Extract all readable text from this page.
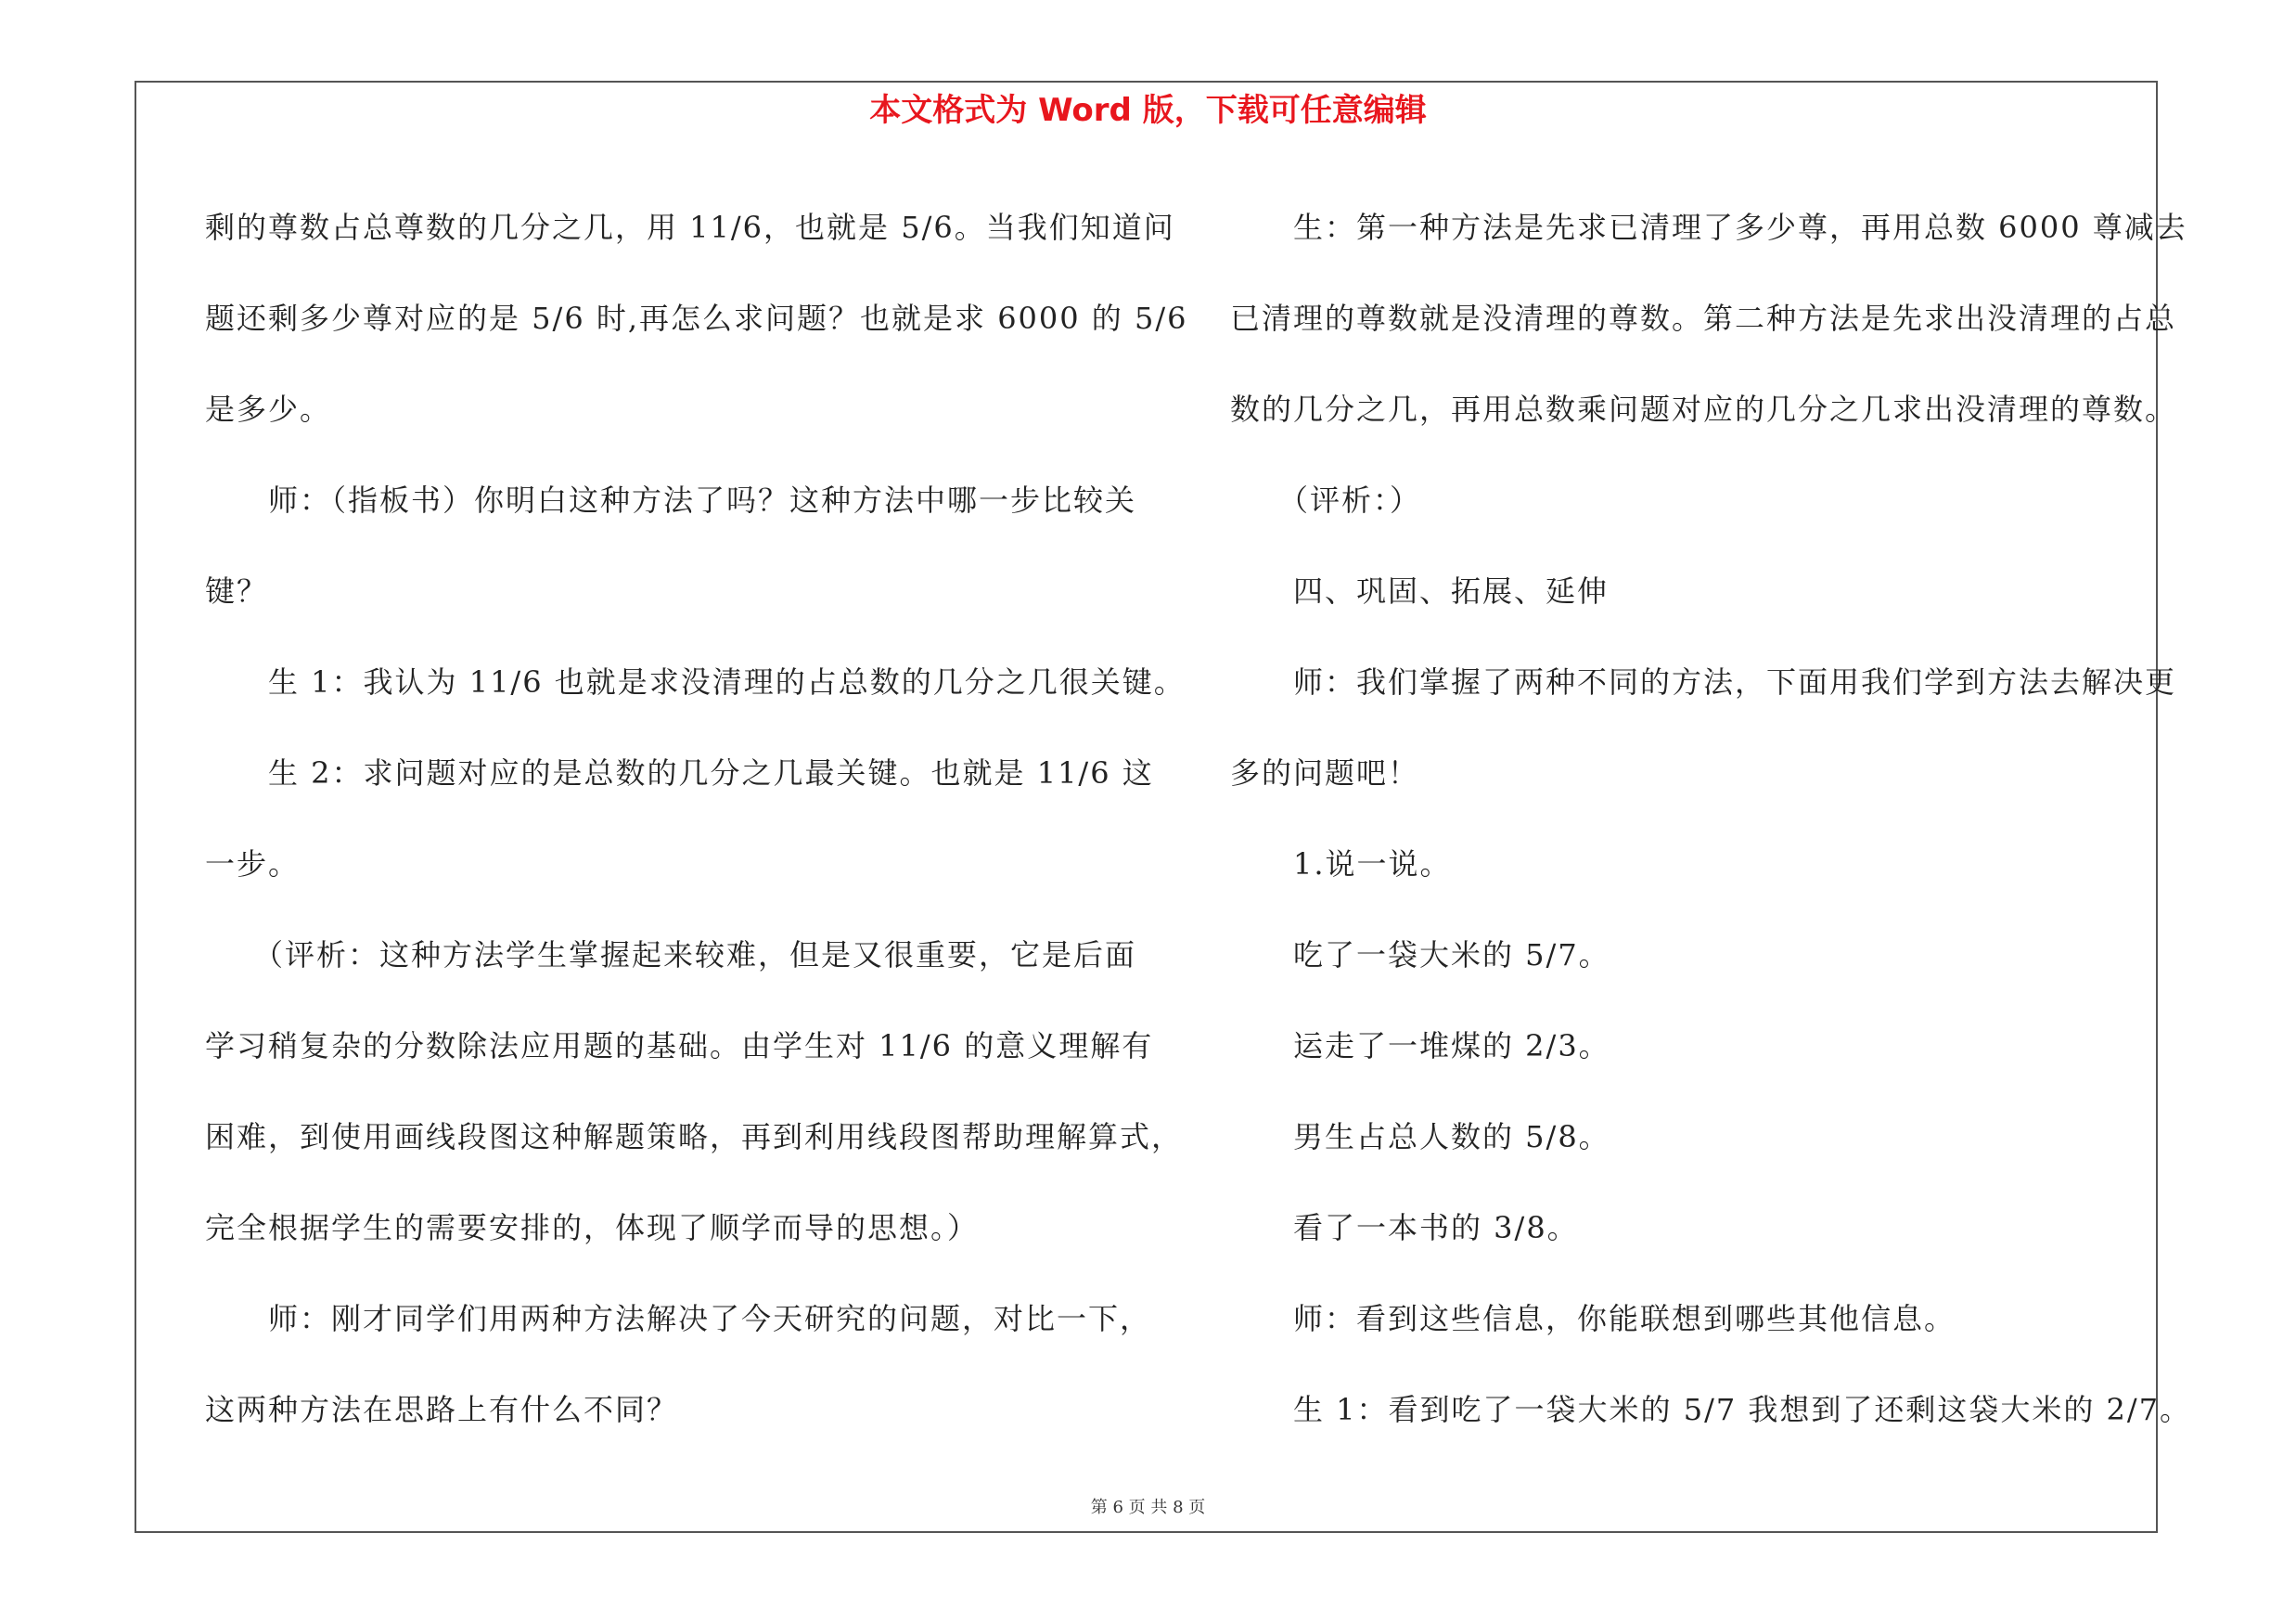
本文格式为 Word 版，下载可任意编辑

剩的尊数占总尊数的几分之几，用 11/6，也就是 5/6。当我们知道问

题还剩多少尊对应的是 5/6 时,再怎么求问题？也就是求 6000 的 5/6

是多少。

　　师：（指板书）你明白这种方法了吗？这种方法中哪一步比较关

键？

　　生 1：我认为 11/6 也就是求没清理的占总数的几分之几很关键。

　　生 2：求问题对应的是总数的几分之几最关键。也就是 11/6 这

一步。

　　（评析：这种方法学生掌握起来较难，但是又很重要，它是后面

学习稍复杂的分数除法应用题的基础。由学生对 11/6 的意义理解有

困难，到使用画线段图这种解题策略，再到利用线段图帮助理解算式，

完全根据学生的需要安排的，体现了顺学而导的思想。）

　　师：刚才同学们用两种方法解决了今天研究的问题，对比一下，

这两种方法在思路上有什么不同？

　　生：第一种方法是先求已清理了多少尊，再用总数 6000 尊减去

已清理的尊数就是没清理的尊数。第二种方法是先求出没清理的占总

数的几分之几，再用总数乘问题对应的几分之几求出没清理的尊数。

　　（评析：）

　　四、巩固、拓展、延伸

　　师：我们掌握了两种不同的方法，下面用我们学到方法去解决更

多的问题吧！

　　1.说一说。

　　吃了一袋大米的 5/7。

　　运走了一堆煤的 2/3。

　　男生占总人数的 5/8。

　　看了一本书的 3/8。

　　师：看到这些信息，你能联想到哪些其他信息。

　　生 1：看到吃了一袋大米的 5/7 我想到了还剩这袋大米的 2/7。

第 6 页 共 8 页
